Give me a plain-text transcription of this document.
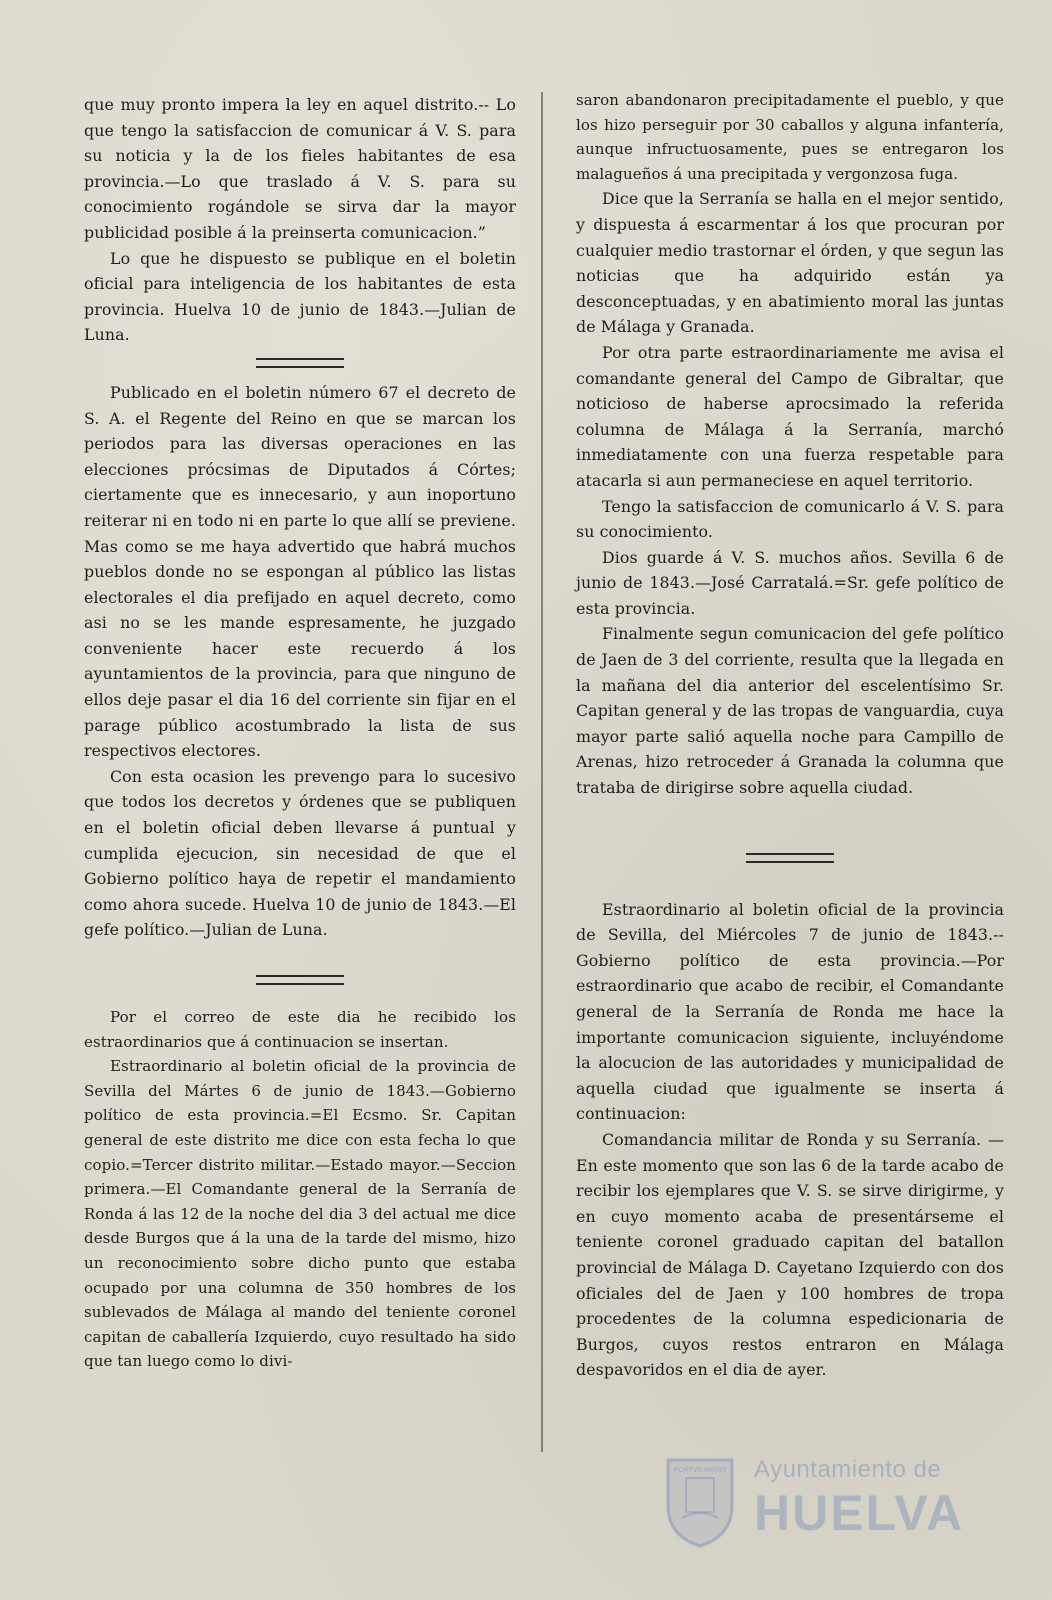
que muy pronto impera la ley en aquel distrito.-- Lo que tengo la satisfaccion de comunicar á V. S. para su noticia y la de los fieles habitantes de esa provincia.—Lo que traslado á V. S. para su conocimiento rogándole se sirva dar la mayor publicidad posible á la preinserta comunicacion.”

Lo que he dispuesto se publique en el boletin oficial para inteligencia de los habitantes de esta provincia. Huelva 10 de junio de 1843.—Julian de Luna.

Publicado en el boletin número 67 el decreto de S. A. el Regente del Reino en que se marcan los periodos para las diversas operaciones en las elecciones prócsimas de Diputados á Córtes; ciertamente que es innecesario, y aun inoportuno reiterar ni en todo ni en parte lo que allí se previene. Mas como se me haya advertido que habrá muchos pueblos donde no se espongan al público las listas electorales el dia prefijado en aquel decreto, como asi no se les mande espresamente, he juzgado conveniente hacer este recuerdo á los ayuntamientos de la provincia, para que ninguno de ellos deje pasar el dia 16 del corriente sin fijar en el parage público acostumbrado la lista de sus respectivos electores.

Con esta ocasion les prevengo para lo sucesivo que todos los decretos y órdenes que se publiquen en el boletin oficial deben llevarse á puntual y cumplida ejecucion, sin necesidad de que el Gobierno político haya de repetir el mandamiento como ahora sucede. Huelva 10 de junio de 1843.—El gefe político.—Julian de Luna.

Por el correo de este dia he recibido los estraordinarios que á continuacion se insertan.

Estraordinario al boletin oficial de la provincia de Sevilla del Mártes 6 de junio de 1843.—Gobierno político de esta provincia.=El Ecsmo. Sr. Capitan general de este distrito me dice con esta fecha lo que copio.=Tercer distrito militar.—Estado mayor.—Seccion primera.—El Comandante general de la Serranía de Ronda á las 12 de la noche del dia 3 del actual me dice desde Burgos que á la una de la tarde del mismo, hizo un reconocimiento sobre dicho punto que estaba ocupado por una columna de 350 hombres de los sublevados de Málaga al mando del teniente coronel capitan de caballería Izquierdo, cuyo resultado ha sido que tan luego como lo divi-

saron abandonaron precipitadamente el pueblo, y que los hizo perseguir por 30 caballos y alguna infantería, aunque infructuosamente, pues se entregaron los malagueños á una precipitada y vergonzosa fuga.

Dice que la Serranía se halla en el mejor sentido, y dispuesta á escarmentar á los que procuran por cualquier medio trastornar el órden, y que segun las noticias que ha adquirido están ya desconceptuadas, y en abatimiento moral las juntas de Málaga y Granada.

Por otra parte estraordinariamente me avisa el comandante general del Campo de Gibraltar, que noticioso de haberse aprocsimado la referida columna de Málaga á la Serranía, marchó inmediatamente con una fuerza respetable para atacarla si aun permaneciese en aquel territorio.

Tengo la satisfaccion de comunicarlo á V. S. para su conocimiento.

Dios guarde á V. S. muchos años. Sevilla 6 de junio de 1843.—José Carratalá.=Sr. gefe político de esta provincia.

Finalmente segun comunicacion del gefe político de Jaen de 3 del corriente, resulta que la llegada en la mañana del dia anterior del escelentísimo Sr. Capitan general y de las tropas de vanguardia, cuya mayor parte salió aquella noche para Campillo de Arenas, hizo retroceder á Granada la columna que trataba de dirigirse sobre aquella ciudad.

Estraordinario al boletin oficial de la provincia de Sevilla, del Miércoles 7 de junio de 1843.-- Gobierno político de esta provincia.—Por estraordinario que acabo de recibir, el Comandante general de la Serranía de Ronda me hace la importante comunicacion siguiente, incluyéndome la alocucion de las autoridades y municipalidad de aquella ciudad que igualmente se inserta á continuacion:

Comandancia militar de Ronda y su Serranía. —En este momento que son las 6 de la tarde acabo de recibir los ejemplares que V. S. se sirve dirigirme, y en cuyo momento acaba de presentárseme el teniente coronel graduado capitan del batallon provincial de Málaga D. Cayetano Izquierdo con dos oficiales del de Jaen y 100 hombres de tropa procedentes de la columna espedicionaria de Burgos, cuyos restos entraron en Málaga despavoridos en el dia de ayer.

PORTVS MARIS Ayuntamiento de
HUELVA
